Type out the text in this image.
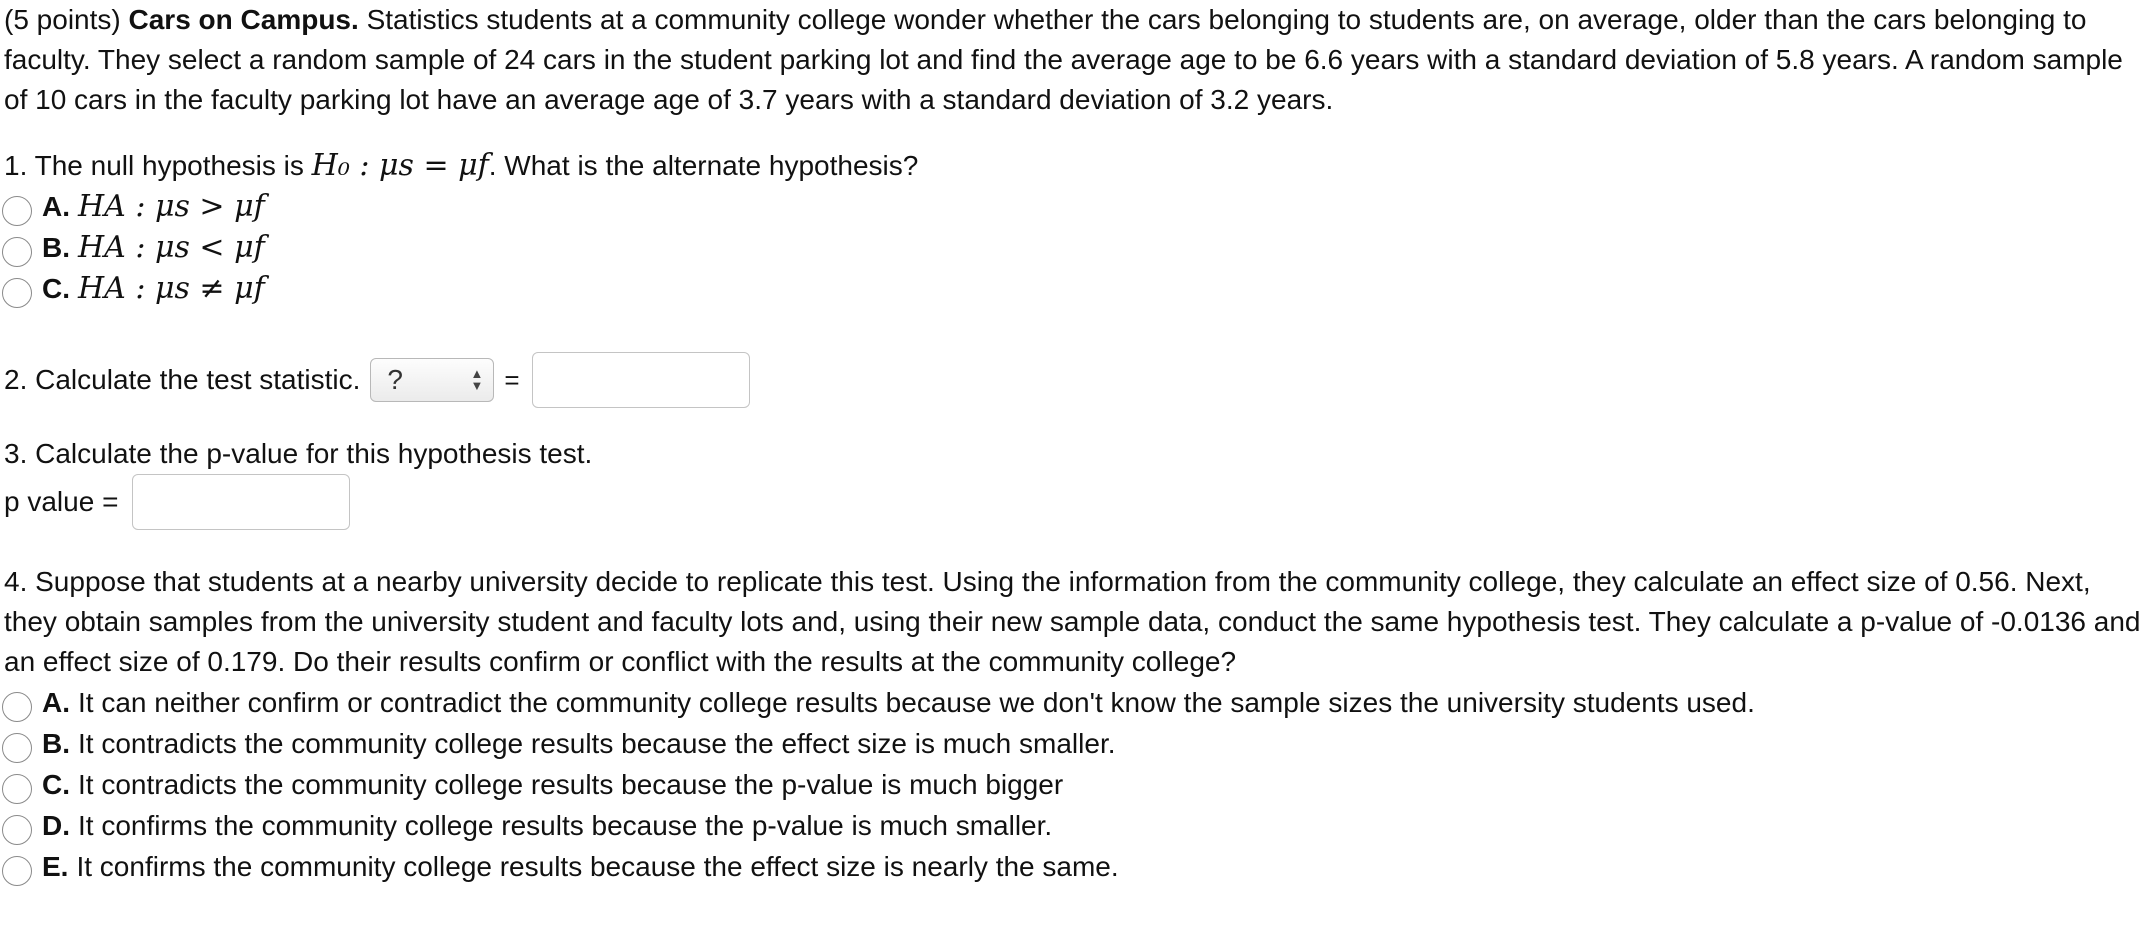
(5 points) Cars on Campus. Statistics students at a community college wonder whether the cars belonging to students are, on average, older than the cars belonging to faculty. They select a random sample of 24 cars in the student parking lot and find the average age to be 6.6 years with a standard deviation of 5.8 years. A random sample of 10 cars in the faculty parking lot have an average age of 3.7 years with a standard deviation of 3.2 years.

1. The null hypothesis is H₀ : μs = μf. What is the alternate hypothesis?

A. HA : μs > μf
B. HA : μs < μf
C. HA : μs ≠ μf
2. Calculate the test statistic. ?	▲
▼ =

3. Calculate the p-value for this hypothesis test.

p value =

4. Suppose that students at a nearby university decide to replicate this test. Using the information from the community college, they calculate an effect size of 0.56. Next, they obtain samples from the university student and faculty lots and, using their new sample data, conduct the same hypothesis test. They calculate a p-value of -0.0136 and an effect size of 0.179. Do their results confirm or conflict with the results at the community college?

A. It can neither confirm or contradict the community college results because we don't know the sample sizes the university students used.
B. It contradicts the community college results because the effect size is much smaller.
C. It contradicts the community college results because the p-value is much bigger
D. It confirms the community college results because the p-value is much smaller.
E. It confirms the community college results because the effect size is nearly the same.
